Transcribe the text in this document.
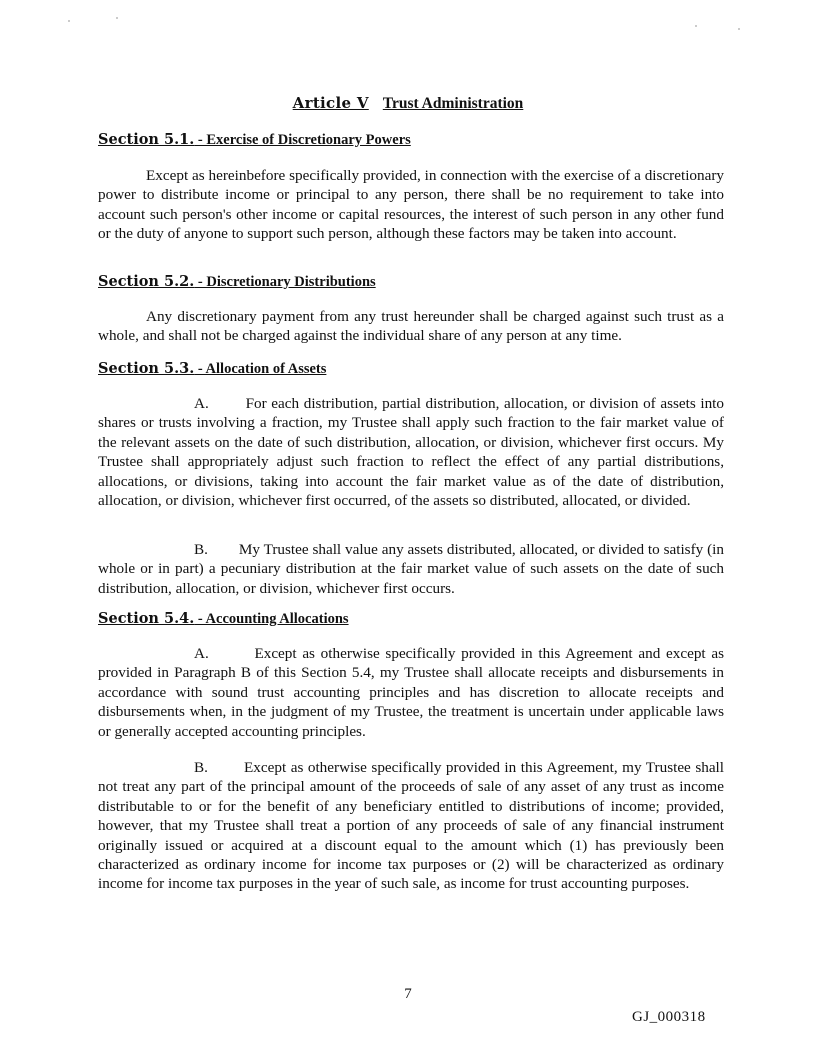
Article V Trust Administration
Section 5.1. - Exercise of Discretionary Powers

Except as hereinbefore specifically provided, in connection with the exercise of a discretionary power to distribute income or principal to any person, there shall be no requirement to take into account such person's other income or capital resources, the interest of such person in any other fund or the duty of anyone to support such person, although these factors may be taken into account.

Section 5.2. - Discretionary Distributions

Any discretionary payment from any trust hereunder shall be charged against such trust as a whole, and shall not be charged against the individual share of any person at any time.

Section 5.3. - Allocation of Assets

A.        For each distribution, partial distribution, allocation, or division of assets into shares or trusts involving a fraction, my Trustee shall apply such fraction to the fair market value of the relevant assets on the date of such distribution, allocation, or division, whichever first occurs. My Trustee shall appropriately adjust such fraction to reflect the effect of any partial distributions, allocations, or divisions, taking into account the fair market value as of the date of distribution, allocation, or division, whichever first occurred, of the assets so distributed, allocated, or divided.

B.        My Trustee shall value any assets distributed, allocated, or divided to satisfy (in whole or in part) a pecuniary distribution at the fair market value of such assets on the date of such distribution, allocation, or division, whichever first occurs.

Section 5.4. - Accounting Allocations

A.        Except as otherwise specifically provided in this Agreement and except as provided in Paragraph B of this Section 5.4, my Trustee shall allocate receipts and disbursements in accordance with sound trust accounting principles and has discretion to allocate receipts and disbursements when, in the judgment of my Trustee, the treatment is uncertain under applicable laws or generally accepted accounting principles.

B.        Except as otherwise specifically provided in this Agreement, my Trustee shall not treat any part of the principal amount of the proceeds of sale of any asset of any trust as income distributable to or for the benefit of any beneficiary entitled to distributions of income; provided, however, that my Trustee shall treat a portion of any proceeds of sale of any financial instrument originally issued or acquired at a discount equal to the amount which (1) has previously been characterized as ordinary income for income tax purposes or (2) will be characterized as ordinary income for income tax purposes in the year of such sale, as income for trust accounting purposes.

7
GJ_000318
